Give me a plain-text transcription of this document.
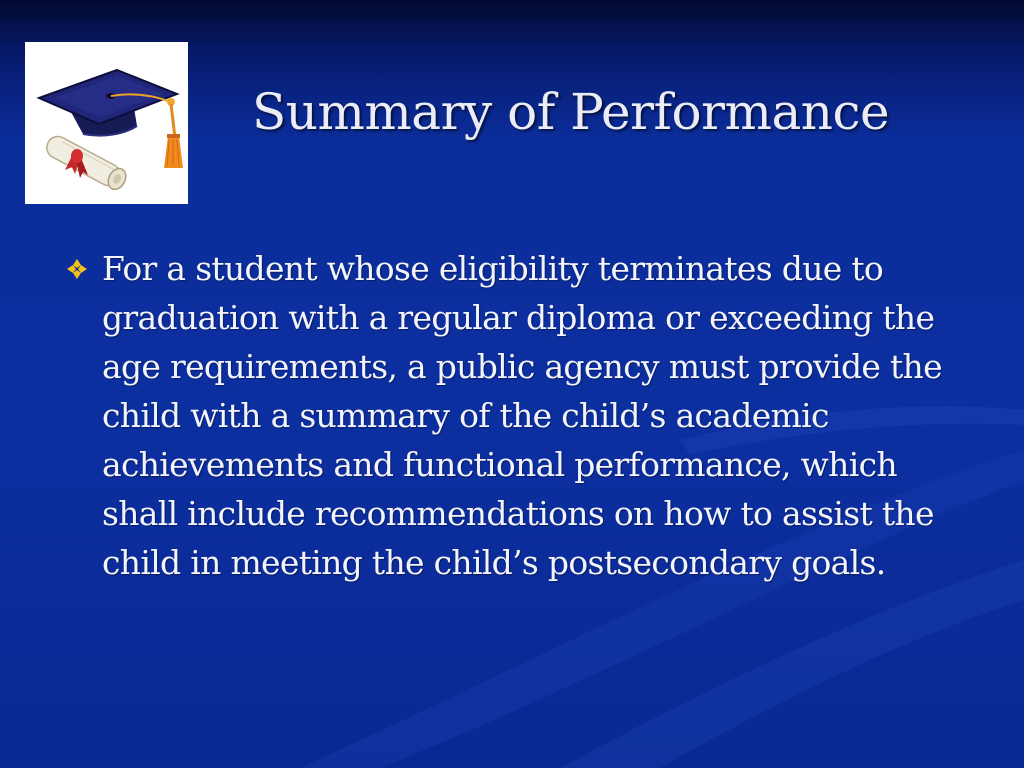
Summary of Performance
For a student whose eligibility terminates due to graduation with a regular diploma or exceeding the age requirements, a public agency must provide the child with a summary of the child’s academic achievements and functional performance, which shall include recommendations on how to assist the child in meeting the child’s postsecondary goals.
